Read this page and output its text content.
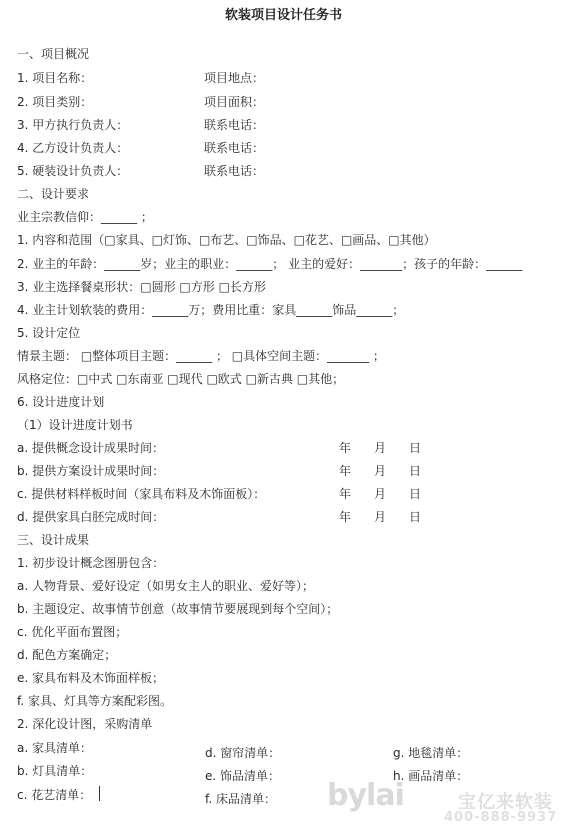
软装项目设计任务书
一、项目概况
1. 项目名称：
2. 项目类别：
3. 甲方执行负责人：
4. 乙方设计负责人：
5. 硬装设计负责人：
二、设计要求
业主宗教信仰：______ ；
1. 内容和范围（□家具、□灯饰、□布艺、□饰品、□花艺、□画品、□其他）
2. 业主的年龄：______岁；业主的职业：______； 业主的爱好：_______；孩子的年龄：______
3. 业主选择餐桌形状：□圆形 □方形 □长方形
4. 业主计划软装的费用：______万；费用比重：家具______饰品______；
5. 设计定位
情景主题： □整体项目主题：______ ； □具体空间主题：_______ ；
风格定位：□中式 □东南亚 □现代 □欧式 □新古典 □其他；
6. 设计进度计划
（1）设计进度计划书
a. 提供概念设计成果时间：
b. 提供方案设计成果时间：
c. 提供材料样板时间（家具布料及木饰面板）：
d. 提供家具白胚完成时间：
三、设计成果
1. 初步设计概念图册包含：
a. 人物背景、爱好设定（如男女主人的职业、爱好等）；
b. 主题设定、故事情节创意（故事情节要展现到每个空间）；
c. 优化平面布置图；
d. 配色方案确定；
e. 家具布料及木饰面样板；
f. 家具、灯具等方案配彩图。
2. 深化设计图，采购清单
a. 家具清单：
b. 灯具清单：
c. 花艺清单：
项目地点：
项目面积：
联系电话：
联系电话：
联系电话：
年 月 日
年 月 日
年 月 日
年 月 日
d. 窗帘清单：
e. 饰品清单：
f. 床品清单：
g. 地毯清单：
h. 画品清单：
bylai	宝亿来软装
400-888-9937
